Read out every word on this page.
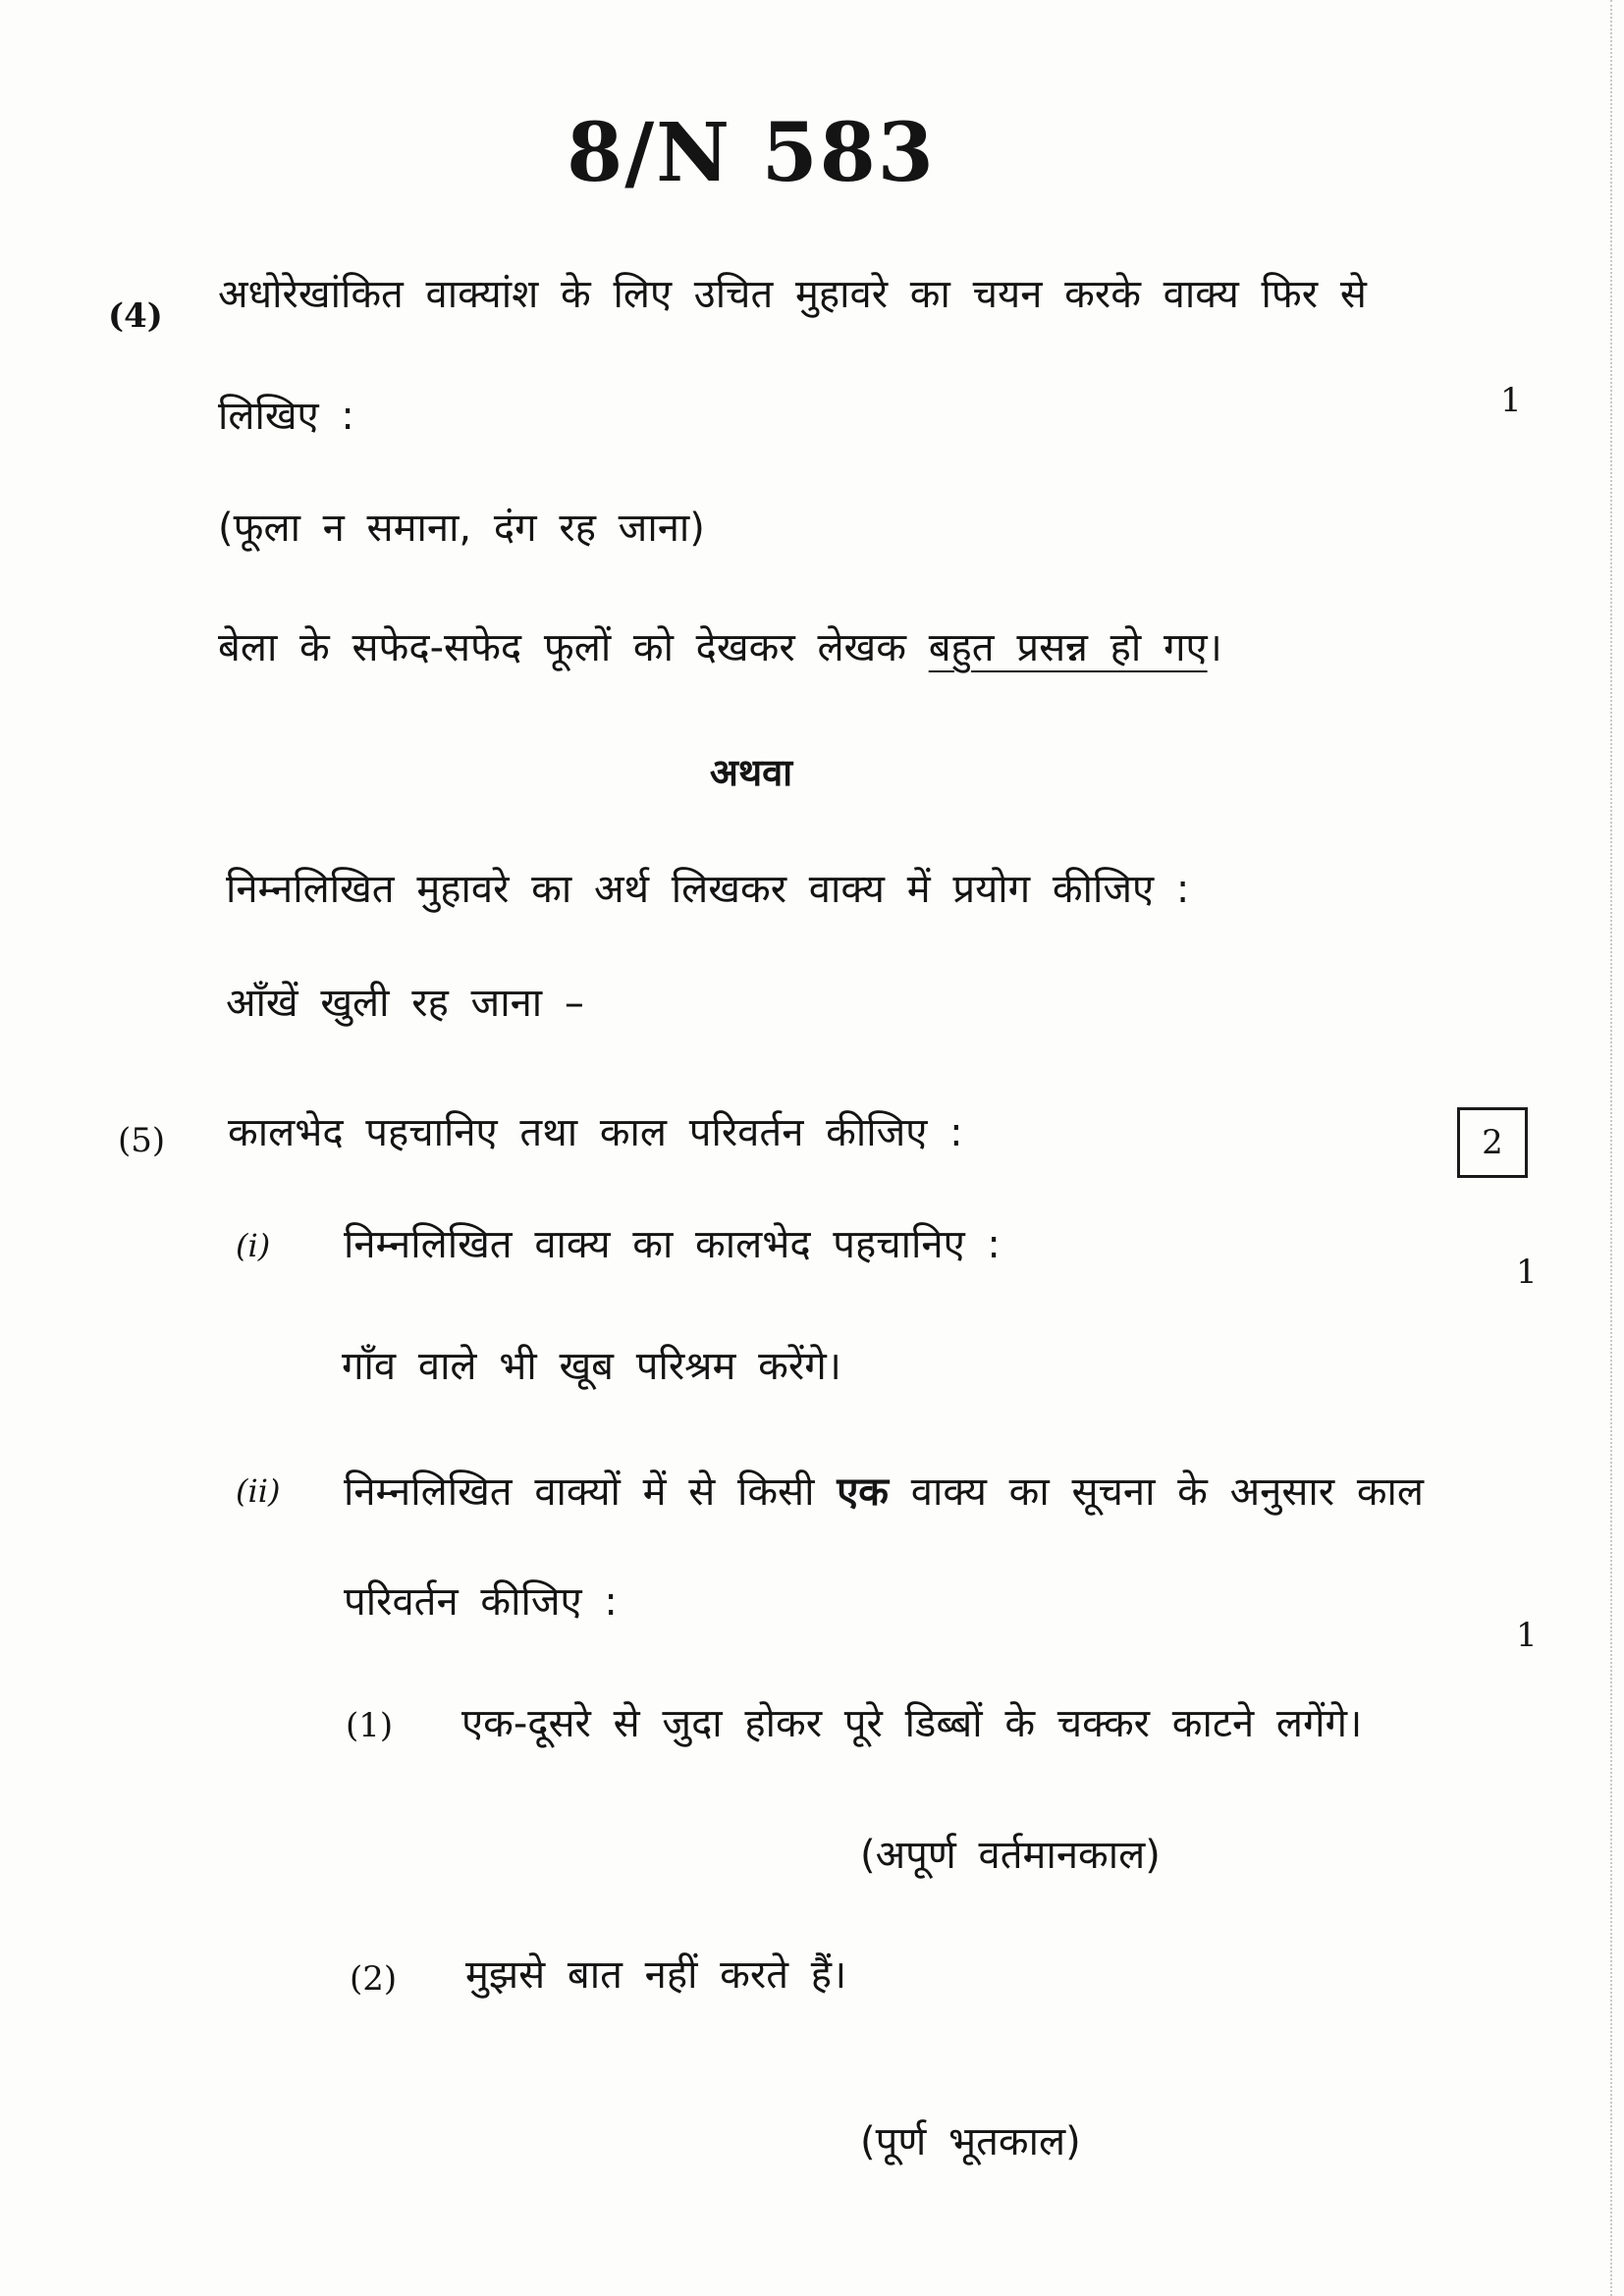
8/N 583
(4) अधोरेखांकित वाक्यांश के लिए उचित मुहावरे का चयन करके वाक्य फिर से
लिखिए :	1
(फूला न समाना, दंग रह जाना)
बेला के सफेद-सफेद फूलों को देखकर लेखक बहुत प्रसन्न हो गए।
अथवा
निम्नलिखित मुहावरे का अर्थ लिखकर वाक्य में प्रयोग कीजिए :
आँखें खुली रह जाना –
(5) कालभेद पहचानिए तथा काल परिवर्तन कीजिए :	2
(i) निम्नलिखित वाक्य का कालभेद पहचानिए :
1
गाँव वाले भी खूब परिश्रम करेंगे।
(ii) निम्नलिखित वाक्यों में से किसी एक वाक्य का सूचना के अनुसार काल
परिवर्तन कीजिए :
1
(1) एक-दूसरे से जुदा होकर पूरे डिब्बों के चक्कर काटने लगेंगे।
(अपूर्ण वर्तमानकाल)
(2) मुझसे बात नहीं करते हैं।
(पूर्ण भूतकाल)
